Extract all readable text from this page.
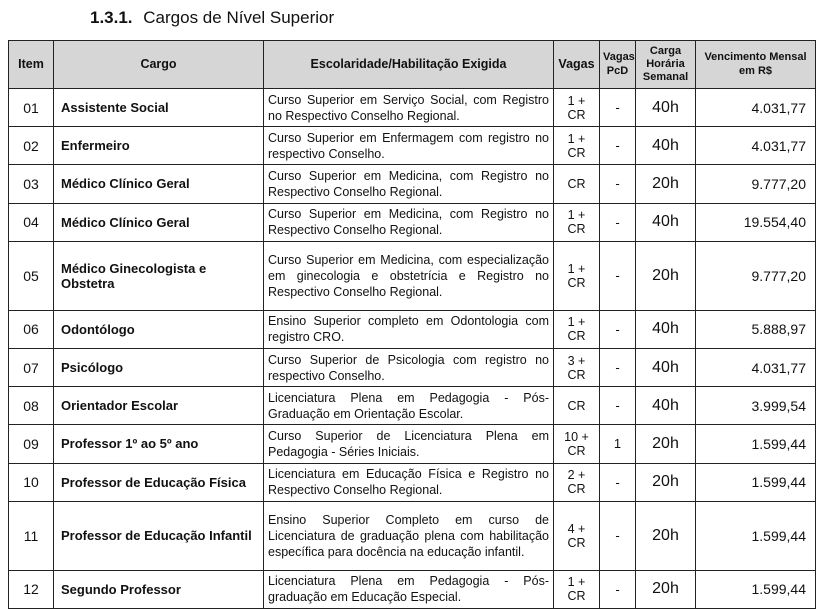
1.3.1. Cargos de Nível Superior
Item	Cargo	Escolaridade/Habilitação Exigida	Vagas	Vagas PcD	Carga Horária Semanal	Vencimento Mensal em R$
01	Assistente Social	Curso Superior em Serviço Social, com Registro no Respectivo Conselho Regional.	1 + CR	-	40h	4.031,77
02	Enfermeiro	Curso Superior em Enfermagem com registro no respectivo Conselho.	1 + CR	-	40h	4.031,77
03	Médico Clínico Geral	Curso Superior em Medicina, com Registro no Respectivo Conselho Regional.	CR	-	20h	9.777,20
04	Médico Clínico Geral	Curso Superior em Medicina, com Registro no Respectivo Conselho Regional.	1 + CR	-	40h	19.554,40
05	Médico Ginecologista e Obstetra	Curso Superior em Medicina, com especialização em ginecologia e obstetrícia e Registro no Respectivo Conselho Regional.	1 + CR	-	20h	9.777,20
06	Odontólogo	Ensino Superior completo em Odontologia com registro CRO.	1 + CR	-	40h	5.888,97
07	Psicólogo	Curso Superior de Psicologia com registro no respectivo Conselho.	3 + CR	-	40h	4.031,77
08	Orientador Escolar	Licenciatura Plena em Pedagogia - Pós-Graduação em Orientação Escolar.	CR	-	40h	3.999,54
09	Professor 1º ao 5º ano	Curso Superior de Licenciatura Plena em Pedagogia - Séries Iniciais.	10 + CR	1	20h	1.599,44
10	Professor de Educação Física	Licenciatura em Educação Física e Registro no Respectivo Conselho Regional.	2 + CR	-	20h	1.599,44
11	Professor de Educação Infantil	Ensino Superior Completo em curso de Licenciatura de graduação plena com habilitação específica para docência na educação infantil.	4 + CR	-	20h	1.599,44
12	Segundo Professor	Licenciatura Plena em Pedagogia - Pós-graduação em Educação Especial.	1 + CR	-	20h	1.599,44
